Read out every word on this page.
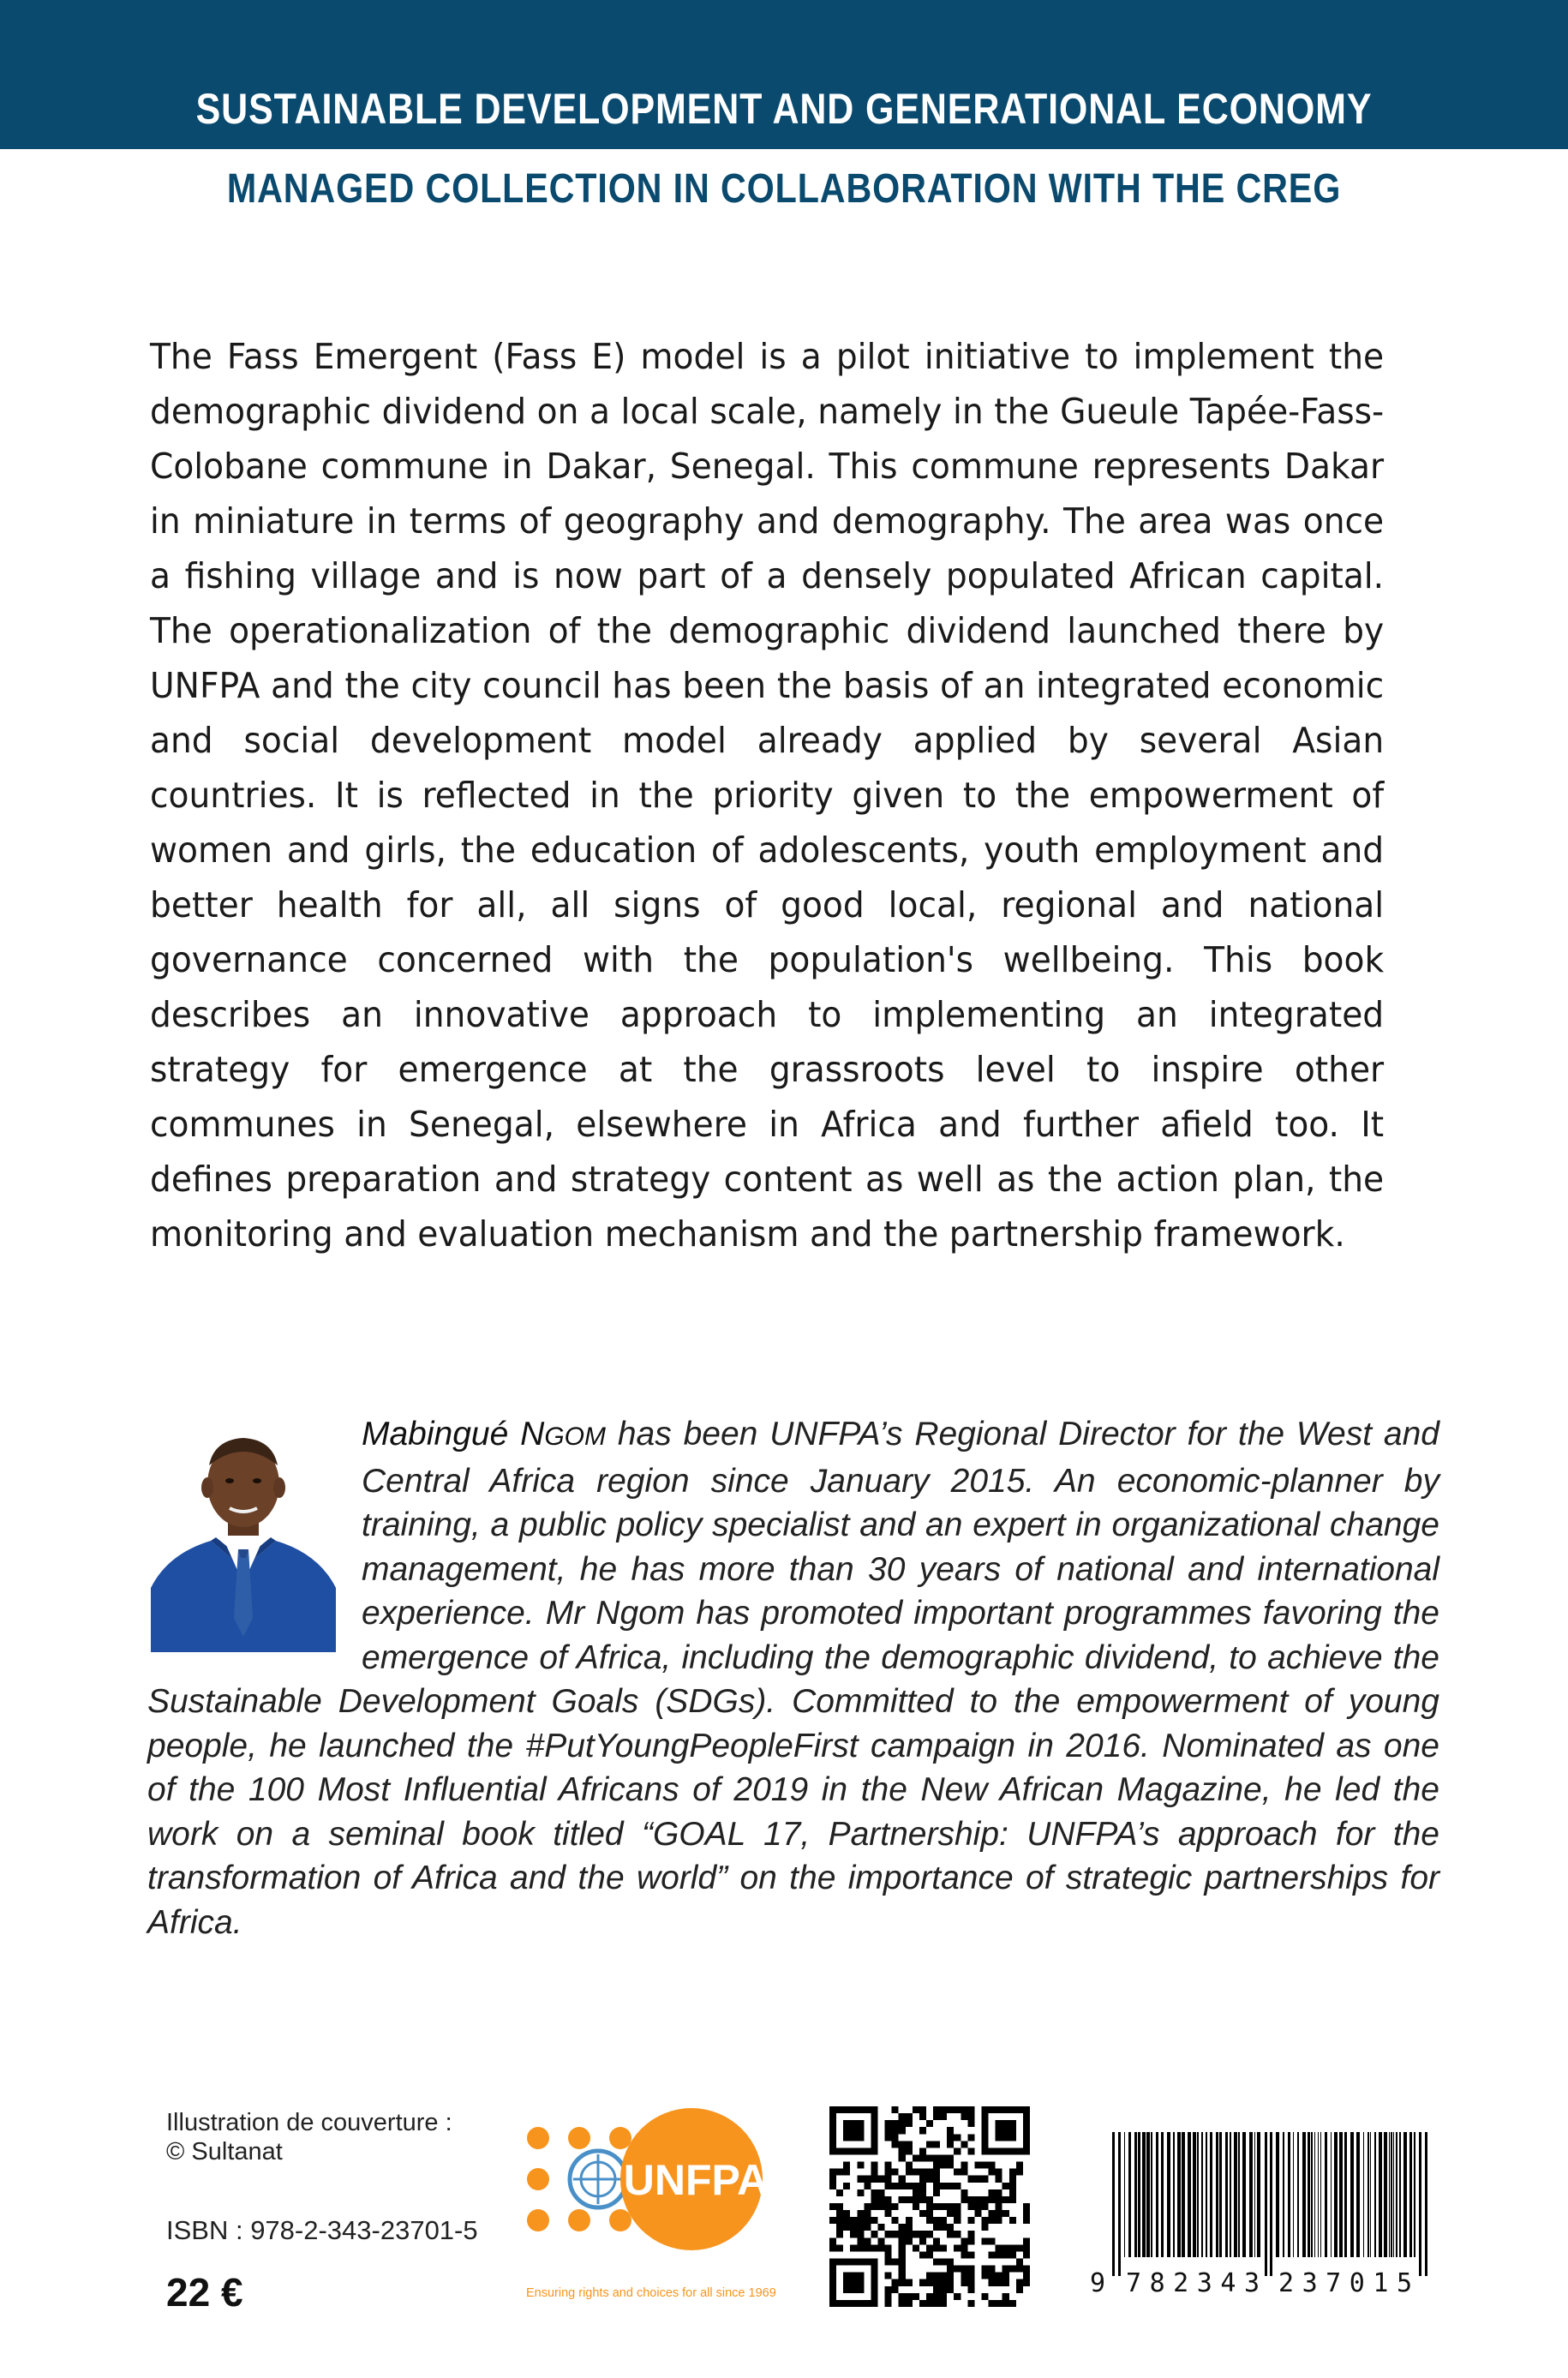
SUSTAINABLE DEVELOPMENT AND GENERATIONAL ECONOMY
MANAGED COLLECTION IN COLLABORATION WITH THE CREG
The Fass Emergent (Fass E) model is a pilot initiative to implement the demographic dividend on a local scale, namely in the Gueule Tapée-Fass-Colobane commune in Dakar, Senegal. This commune represents Dakar in miniature in terms of geography and demography. The area was once a fishing village and is now part of a densely populated African capital. The operationalization of the demographic dividend launched there by UNFPA and the city council has been the basis of an integrated economic and social development model already applied by several Asian countries. It is reflected in the priority given to the empowerment of women and girls, the education of adolescents, youth employment and better health for all, all signs of good local, regional and national governance concerned with the population's wellbeing. This book describes an innovative approach to implementing an integrated strategy for emergence at the grassroots level to inspire other communes in Senegal, elsewhere in Africa and further afield too. It defines preparation and strategy content as well as the action plan, the monitoring and evaluation mechanism and the partnership framework.
Mabingué NGOM has been UNFPA’s Regional Director for the West and Central Africa region since January 2015. An economic-planner by training, a public policy specialist and an expert in organizational change management, he has more than 30 years of national and international experience. Mr Ngom has promoted important programmes favoring the emergence of Africa, including the demographic dividend, to achieve the Sustainable Development Goals (SDGs). Committed to the empowerment of young people, he launched the #PutYoungPeopleFirst campaign in 2016. Nominated as one of the 100 Most Influential Africans of 2019 in the New African Magazine, he led the work on a seminal book titled “GOAL 17, Partnership: UNFPA’s approach for the transformation of Africa and the world” on the importance of strategic partnerships for Africa.
Illustration de couverture :
© Sultanat
ISBN : 978-2-343-23701-5
22 €
UNFPA
Ensuring rights and choices for all since 1969	9 782343 237015
